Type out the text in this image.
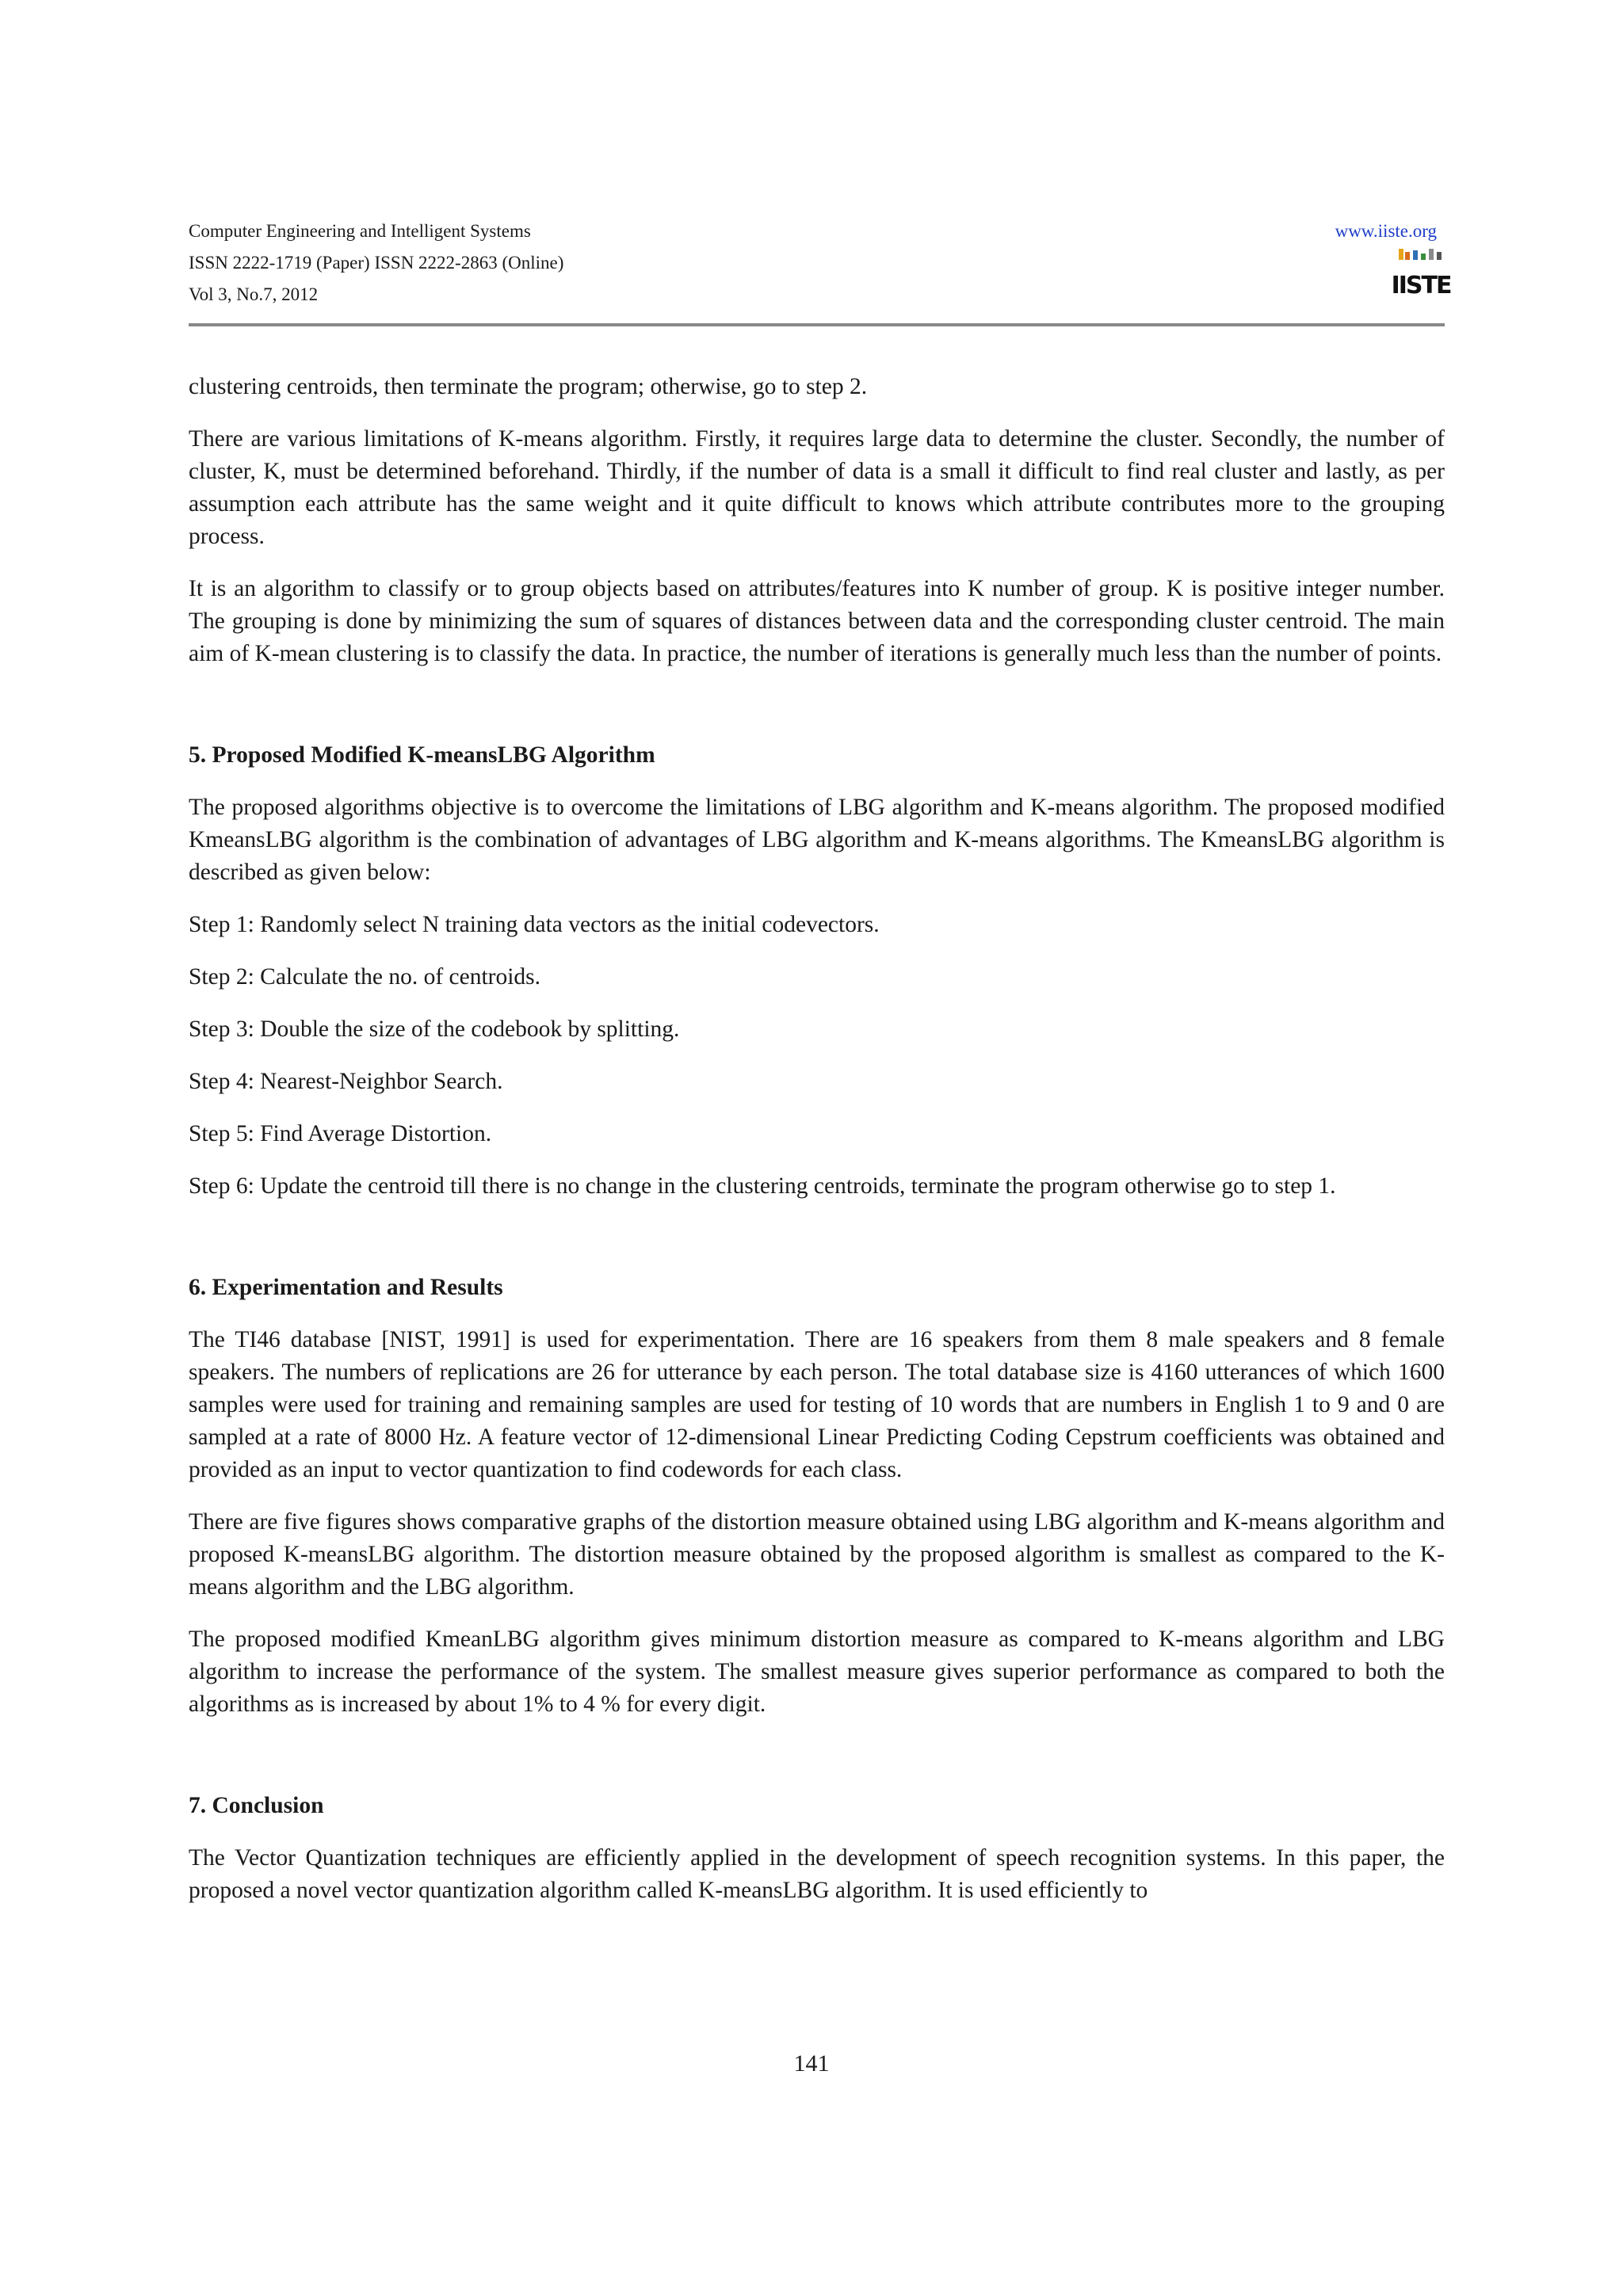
Computer Engineering and Intelligent Systems
ISSN 2222-1719 (Paper) ISSN 2222-2863 (Online)
Vol 3, No.7, 2012
www.iiste.org
IISTE

clustering centroids, then terminate the program; otherwise, go to step 2.

There are various limitations of K-means algorithm. Firstly, it requires large data to determine the cluster. Secondly, the number of cluster, K, must be determined beforehand. Thirdly, if the number of data is a small it difficult to find real cluster and lastly, as per assumption each attribute has the same weight and it quite difficult to knows which attribute contributes more to the grouping process.

It is an algorithm to classify or to group objects based on attributes/features into K number of group. K is positive integer number. The grouping is done by minimizing the sum of squares of distances between data and the corresponding cluster centroid. The main aim of K-mean clustering is to classify the data. In practice, the number of iterations is generally much less than the number of points.

5. Proposed Modified K-meansLBG Algorithm

The proposed algorithms objective is to overcome the limitations of LBG algorithm and K-means algorithm. The proposed modified KmeansLBG algorithm is the combination of advantages of LBG algorithm and K-means algorithms. The KmeansLBG algorithm is described as given below:

Step 1: Randomly select N training data vectors as the initial codevectors.

Step 2: Calculate the no. of centroids.

Step 3: Double the size of the codebook by splitting.

Step 4: Nearest-Neighbor Search.

Step 5: Find Average Distortion.

Step 6: Update the centroid till there is no change in the clustering centroids, terminate the program otherwise go to step 1.

6. Experimentation and Results

The TI46 database [NIST, 1991] is used for experimentation. There are 16 speakers from them 8 male speakers and 8 female speakers. The numbers of replications are 26 for utterance by each person. The total database size is 4160 utterances of which 1600 samples were used for training and remaining samples are used for testing of 10 words that are numbers in English 1 to 9 and 0 are sampled at a rate of 8000 Hz. A feature vector of 12-dimensional Linear Predicting Coding Cepstrum coefficients was obtained and provided as an input to vector quantization to find codewords for each class.

There are five figures shows comparative graphs of the distortion measure obtained using LBG algorithm and K-means algorithm and proposed K-meansLBG algorithm. The distortion measure obtained by the proposed algorithm is smallest as compared to the K-means algorithm and the LBG algorithm.

The proposed modified KmeanLBG algorithm gives minimum distortion measure as compared to K-means algorithm and LBG algorithm to increase the performance of the system. The smallest measure gives superior performance as compared to both the algorithms as is increased by about 1% to 4 % for every digit.

7. Conclusion

The Vector Quantization techniques are efficiently applied in the development of speech recognition systems. In this paper, the proposed a novel vector quantization algorithm called K-meansLBG algorithm. It is used efficiently to

141
